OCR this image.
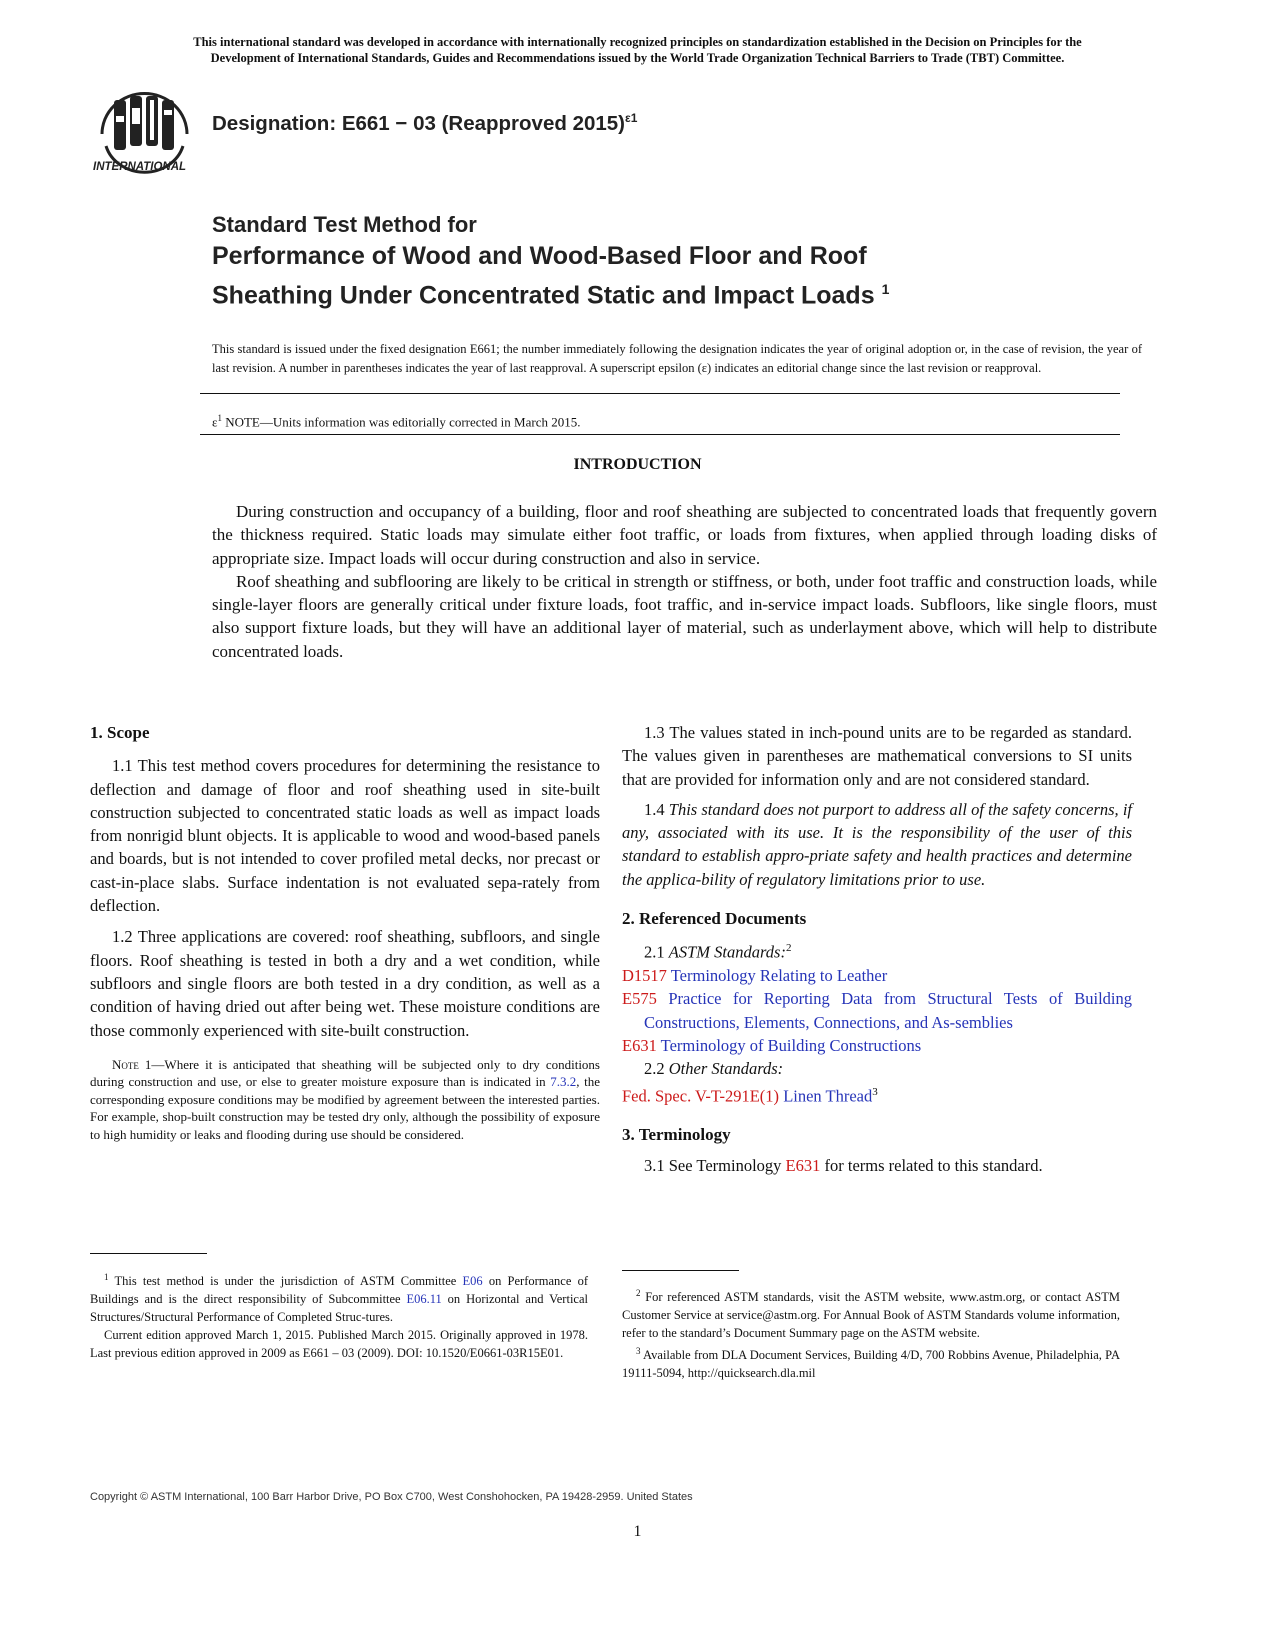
This international standard was developed in accordance with internationally recognized principles on standardization established in the Decision on Principles for the
Development of International Standards, Guides and Recommendations issued by the World Trade Organization Technical Barriers to Trade (TBT) Committee.
INTERNATIONAL
Designation: E661 − 03 (Reapproved 2015)$^{\varepsilon 1}$
Standard Test Method for
Performance of Wood and Wood-Based Floor and Roof
Sheathing Under Concentrated Static and Impact Loads $^1$
This standard is issued under the fixed designation E661; the number immediately following the designation indicates the year of original adoption or, in the case of revision, the year of last revision. A number in parentheses indicates the year of last reapproval. A superscript epsilon (ε) indicates an editorial change since the last revision or reapproval.
$\varepsilon^1$ NOTE—Units information was editorially corrected in March 2015.
INTRODUCTION

During construction and occupancy of a building, floor and roof sheathing are subjected to concentrated loads that frequently govern the thickness required. Static loads may simulate either foot traffic, or loads from fixtures, when applied through loading disks of appropriate size. Impact loads will occur during construction and also in service.

Roof sheathing and subflooring are likely to be critical in strength or stiffness, or both, under foot traffic and construction loads, while single-layer floors are generally critical under fixture loads, foot traffic, and in-service impact loads. Subfloors, like single floors, must also support fixture loads, but they will have an additional layer of material, such as underlayment above, which will help to distribute concentrated loads.

1. Scope

1.1 This test method covers procedures for determining the resistance to deflection and damage of floor and roof sheathing used in site-built construction subjected to concentrated static loads as well as impact loads from nonrigid blunt objects. It is applicable to wood and wood-based panels and boards, but is not intended to cover profiled metal decks, nor precast or cast-in-place slabs. Surface indentation is not evaluated sepa-rately from deflection.

1.2 Three applications are covered: roof sheathing, subfloors, and single floors. Roof sheathing is tested in both a dry and a wet condition, while subfloors and single floors are both tested in a dry condition, as well as a condition of having dried out after being wet. These moisture conditions are those commonly experienced with site-built construction.

Note 1—Where it is anticipated that sheathing will be subjected only to dry conditions during construction and use, or else to greater moisture exposure than is indicated in 7.3.2, the corresponding exposure conditions may be modified by agreement between the interested parties. For example, shop-built construction may be tested dry only, although the possibility of exposure to high humidity or leaks and flooding during use should be considered.

1.3 The values stated in inch-pound units are to be regarded as standard. The values given in parentheses are mathematical conversions to SI units that are provided for information only and are not considered standard.

1.4 This standard does not purport to address all of the safety concerns, if any, associated with its use. It is the responsibility of the user of this standard to establish appro-priate safety and health practices and determine the applica-bility of regulatory limitations prior to use.

2. Referenced Documents

2.1 ASTM Standards:$^2$

D1517 Terminology Relating to Leather

E575 Practice for Reporting Data from Structural Tests of Building Constructions, Elements, Connections, and As-semblies

E631 Terminology of Building Constructions

2.2 Other Standards:

Fed. Spec. V-T-291E(1) Linen Thread$^3$

3. Terminology

3.1 See Terminology E631 for terms related to this standard.

$^1$ This test method is under the jurisdiction of ASTM Committee E06 on Performance of Buildings and is the direct responsibility of Subcommittee E06.11 on Horizontal and Vertical Structures/Structural Performance of Completed Struc-tures.

Current edition approved March 1, 2015. Published March 2015. Originally approved in 1978. Last previous edition approved in 2009 as E661 – 03 (2009). DOI: 10.1520/E0661-03R15E01.

$^2$ For referenced ASTM standards, visit the ASTM website, www.astm.org, or contact ASTM Customer Service at service@astm.org. For Annual Book of ASTM Standards volume information, refer to the standard’s Document Summary page on the ASTM website.

$^3$ Available from DLA Document Services, Building 4/D, 700 Robbins Avenue, Philadelphia, PA 19111-5094, http://quicksearch.dla.mil

Copyright © ASTM International, 100 Barr Harbor Drive, PO Box C700, West Conshohocken, PA 19428-2959. United States
1
